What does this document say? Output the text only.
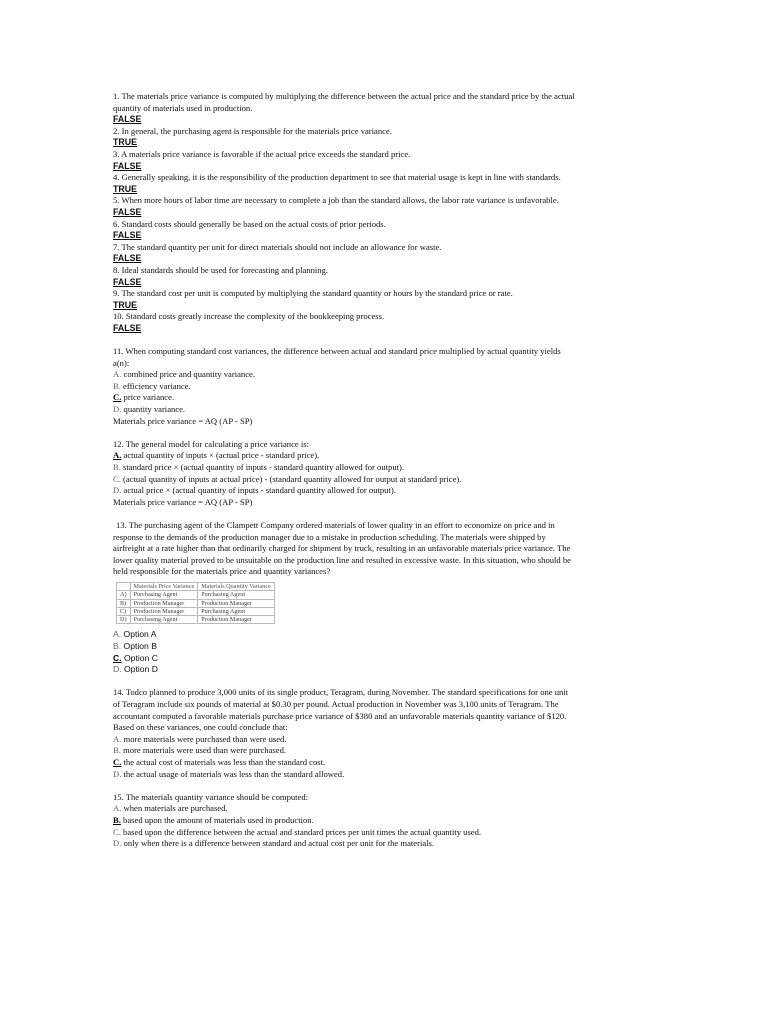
1. The materials price variance is computed by multiplying the difference between the actual price and the standard price by the actual
quantity of materials used in production.
FALSE
2. In general, the purchasing agent is responsible for the materials price variance.
TRUE
3. A materials price variance is favorable if the actual price exceeds the standard price.
FALSE
4. Generally speaking, it is the responsibility of the production department to see that material usage is kept in line with standards.
TRUE
5. When more hours of labor time are necessary to complete a job than the standard allows, the labor rate variance is unfavorable.
FALSE
6. Standard costs should generally be based on the actual costs of prior periods.
FALSE
7. The standard quantity per unit for direct materials should not include an allowance for waste.
FALSE
8. Ideal standards should be used for forecasting and planning.
FALSE
9. The standard cost per unit is computed by multiplying the standard quantity or hours by the standard price or rate.
TRUE
10. Standard costs greatly increase the complexity of the bookkeeping process.
FALSE
11. When computing standard cost variances, the difference between actual and standard price multiplied by actual quantity yields
a(n):
A. combined price and quantity variance.
B. efficiency variance.
C. price variance.
D. quantity variance.
Materials price variance = AQ (AP - SP)
12. The general model for calculating a price variance is:
A. actual quantity of inputs × (actual price - standard price).
B. standard price × (actual quantity of inputs - standard quantity allowed for output).
C. (actual quantity of inputs at actual price) - (standard quantity allowed for output at standard price).
D. actual price × (actual quantity of inputs - standard quantity allowed for output).
Materials price variance = AQ (AP - SP)
13. The purchasing agent of the Clampett Company ordered materials of lower quality in an effort to economize on price and in
response to the demands of the production manager due to a mistake in production scheduling. The materials were shipped by
airfreight at a rate higher than that ordinarily charged for shipment by truck, resulting in an unfavorable materials price variance. The
lower quality material proved to be unsuitable on the production line and resulted in excessive waste. In this situation, who should be
held responsible for the materials price and quantity variances?
	Materials Price Variance	Materials Quantity Variance
A)	Purchasing Agent	Purchasing Agent
B)	Production Manager	Production Manager
C)	Production Manager	Purchasing Agent
D)	Purchasing Agent	Production Manager
A. Option A
B. Option B
C. Option C
D. Option D
14. Todco planned to produce 3,000 units of its single product, Teragram, during November. The standard specifications for one unit
of Teragram include six pounds of material at $0.30 per pound. Actual production in November was 3,100 units of Teragram. The
accountant computed a favorable materials purchase price variance of $380 and an unfavorable materials quantity variance of $120.
Based on these variances, one could conclude that:
A. more materials were purchased than were used.
B. more materials were used than were purchased.
C. the actual cost of materials was less than the standard cost.
D. the actual usage of materials was less than the standard allowed.
15. The materials quantity variance should be computed:
A. when materials are purchased.
B. based upon the amount of materials used in production.
C. based upon the difference between the actual and standard prices per unit times the actual quantity used.
D. only when there is a difference between standard and actual cost per unit for the materials.
